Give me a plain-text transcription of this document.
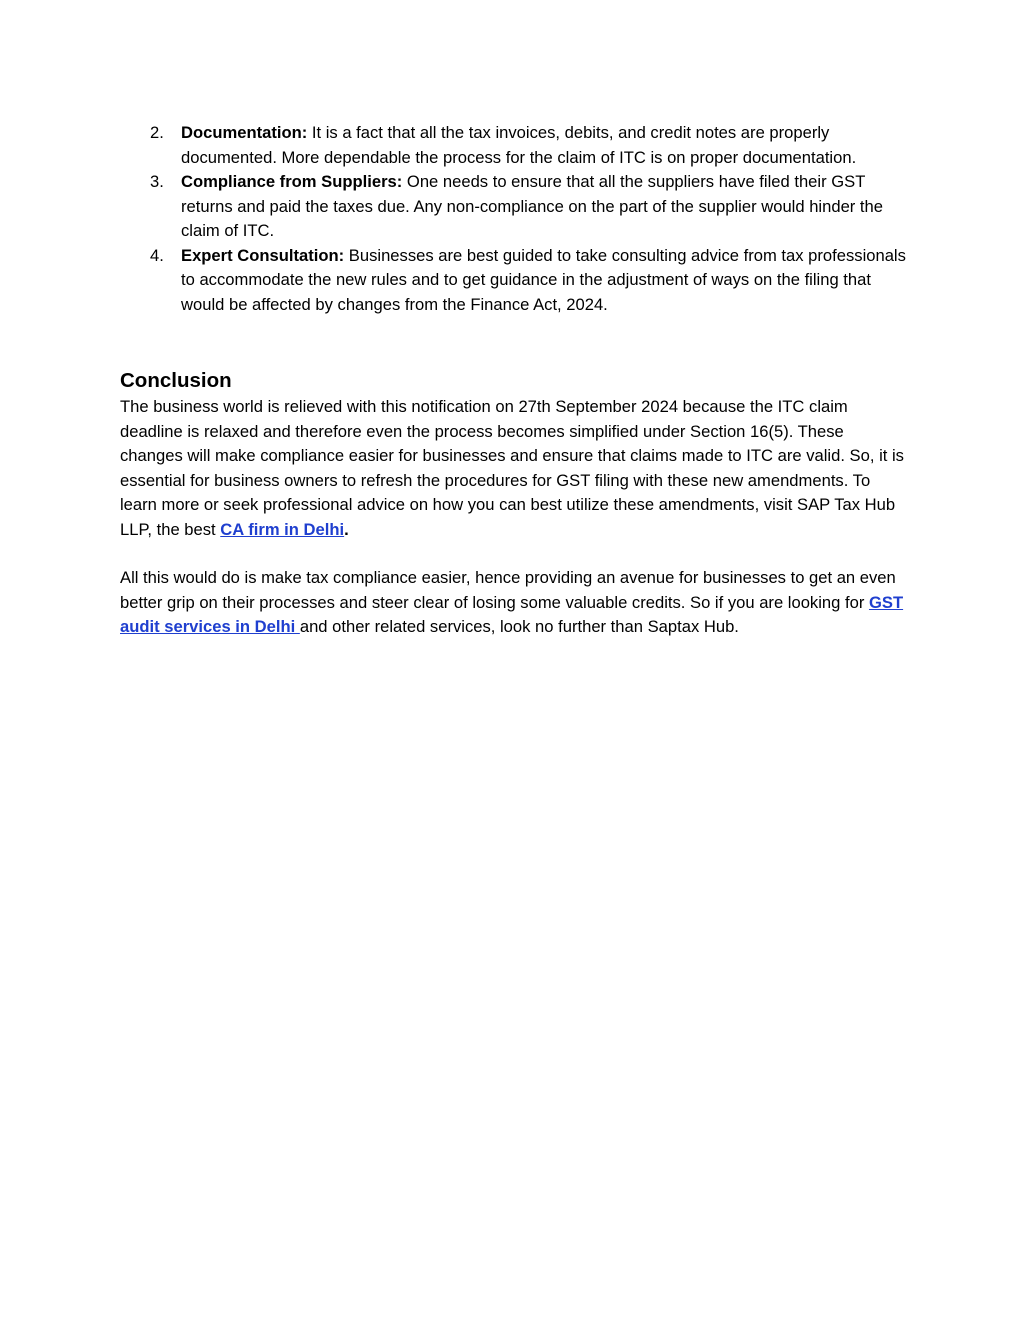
2. Documentation: It is a fact that all the tax invoices, debits, and credit notes are properly documented. More dependable the process for the claim of ITC is on proper documentation.
3. Compliance from Suppliers: One needs to ensure that all the suppliers have filed their GST returns and paid the taxes due. Any non-compliance on the part of the supplier would hinder the claim of ITC.
4. Expert Consultation: Businesses are best guided to take consulting advice from tax professionals to accommodate the new rules and to get guidance in the adjustment of ways on the filing that would be affected by changes from the Finance Act, 2024.
Conclusion

The business world is relieved with this notification on 27th September 2024 because the ITC claim deadline is relaxed and therefore even the process becomes simplified under Section 16(5). These changes will make compliance easier for businesses and ensure that claims made to ITC are valid. So, it is essential for business owners to refresh the procedures for GST filing with these new amendments. To learn more or seek professional advice on how you can best utilize these amendments, visit SAP Tax Hub LLP, the best CA firm in Delhi.

All this would do is make tax compliance easier, hence providing an avenue for businesses to get an even better grip on their processes and steer clear of losing some valuable credits. So if you are looking for GST audit services in Delhi and other related services, look no further than Saptax Hub.
